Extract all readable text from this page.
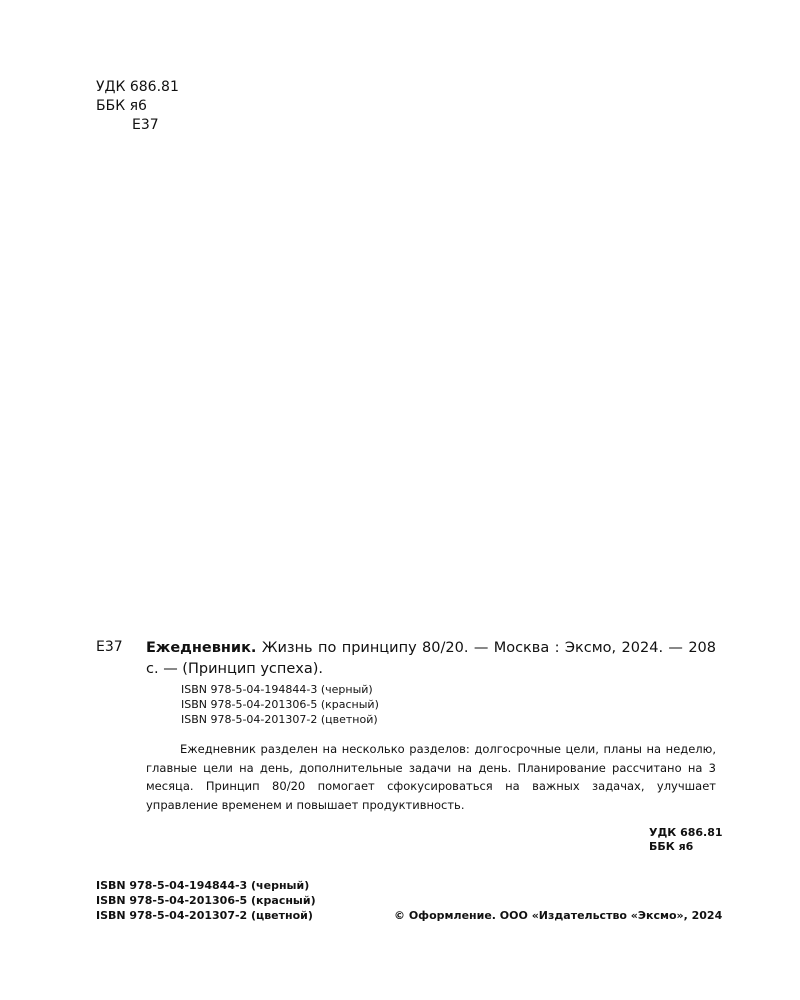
УДК 686.81
ББК я6
Е37
Е37 Ежедневник. Жизнь по принципу 80/20. — Москва : Эксмо, 2024. — 208 с. — (Принцип успеха).
ISBN 978-5-04-194844-3 (черный)
ISBN 978-5-04-201306-5 (красный)
ISBN 978-5-04-201307-2 (цветной)
Ежедневник разделен на несколько разделов: долгосрочные цели, планы на неделю, главные цели на день, дополнительные задачи на день. Планирование рассчитано на 3 месяца. Принцип 80/20 помогает сфокусироваться на важных задачах, улучшает управление временем и повышает продуктивность.
УДК 686.81
ББК я6
ISBN 978-5-04-194844-3 (черный)
ISBN 978-5-04-201306-5 (красный)
ISBN 978-5-04-201307-2 (цветной)	© Оформление. ООО «Издательство «Эксмо», 2024
